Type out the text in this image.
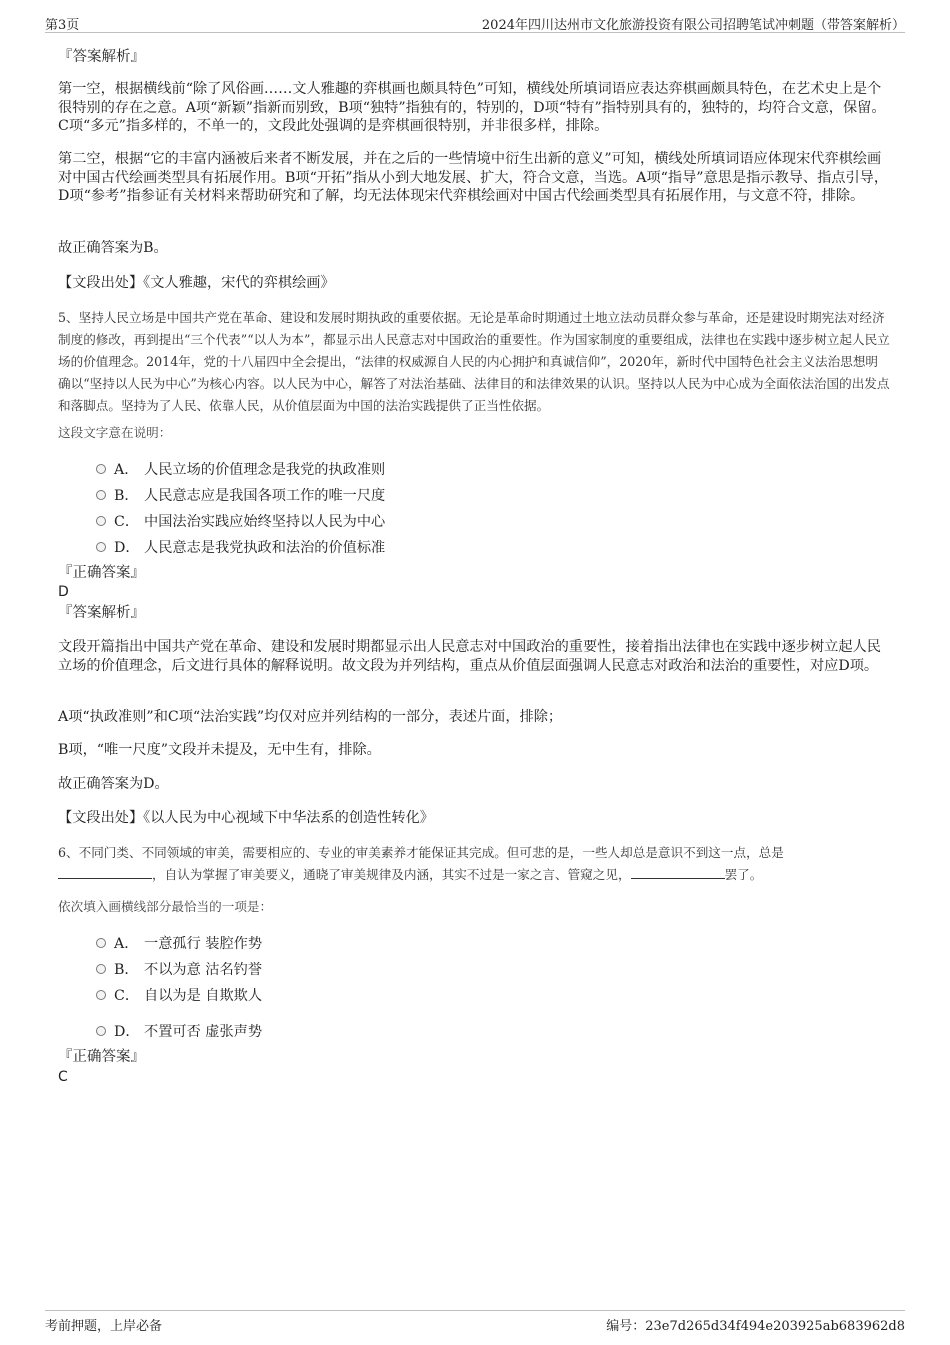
第3页	2024年四川达州市文化旅游投资有限公司招聘笔试冲刺题（带答案解析）
『答案解析』
第一空，根据横线前“除了风俗画……文人雅趣的弈棋画也颇具特色”可知，横线处所填词语应表达弈棋画颇具特色，在艺术史上是个很特别的存在之意。A项“新颖”指新而别致，B项“独特”指独有的，特别的，D项“特有”指特别具有的，独特的，均符合文意，保留。C项“多元”指多样的，不单一的，文段此处强调的是弈棋画很特别，并非很多样，排除。
第二空，根据“它的丰富内涵被后来者不断发展，并在之后的一些情境中衍生出新的意义”可知，横线处所填词语应体现宋代弈棋绘画对中国古代绘画类型具有拓展作用。B项“开拓”指从小到大地发展、扩大，符合文意，当选。A项“指导”意思是指示教导、指点引导，D项“参考”指参证有关材料来帮助研究和了解，均无法体现宋代弈棋绘画对中国古代绘画类型具有拓展作用，与文意不符，排除。
故正确答案为B。
【文段出处】《文人雅趣，宋代的弈棋绘画》
5、坚持人民立场是中国共产党在革命、建设和发展时期执政的重要依据。无论是革命时期通过土地立法动员群众参与革命，还是建设时期宪法对经济制度的修改，再到提出“三个代表”“以人为本”，都显示出人民意志对中国政治的重要性。作为国家制度的重要组成，法律也在实践中逐步树立起人民立场的价值理念。2014年，党的十八届四中全会提出，“法律的权威源自人民的内心拥护和真诚信仰”，2020年，新时代中国特色社会主义法治思想明确以“坚持以人民为中心”为核心内容。以人民为中心，解答了对法治基础、法律目的和法律效果的认识。坚持以人民为中心成为全面依法治国的出发点和落脚点。坚持为了人民、依靠人民，从价值层面为中国的法治实践提供了正当性依据。
这段文字意在说明：
A． 人民立场的价值理念是我党的执政准则
B． 人民意志应是我国各项工作的唯一尺度
C． 中国法治实践应始终坚持以人民为中心
D． 人民意志是我党执政和法治的价值标准
『正确答案』
D
『答案解析』
文段开篇指出中国共产党在革命、建设和发展时期都显示出人民意志对中国政治的重要性，接着指出法律也在实践中逐步树立起人民立场的价值理念，后文进行具体的解释说明。故文段为并列结构，重点从价值层面强调人民意志对政治和法治的重要性，对应D项。
A项“执政准则”和C项“法治实践”均仅对应并列结构的一部分，表述片面，排除；
B项，“唯一尺度”文段并未提及，无中生有，排除。
故正确答案为D。
【文段出处】《以人民为中心视域下中华法系的创造性转化》
6、不同门类、不同领域的审美，需要相应的、专业的审美素养才能保证其完成。但可悲的是，一些人却总是意识不到这一点，总是
，自认为掌握了审美要义，通晓了审美规律及内涵，其实不过是一家之言、管窥之见，	罢了。
依次填入画横线部分最恰当的一项是：
A． 一意孤行 装腔作势
B． 不以为意 沽名钓誉
C． 自以为是 自欺欺人
D． 不置可否 虚张声势
『正确答案』
C
考前押题，上岸必备	编号：23e7d265d34f494e203925ab683962d8
